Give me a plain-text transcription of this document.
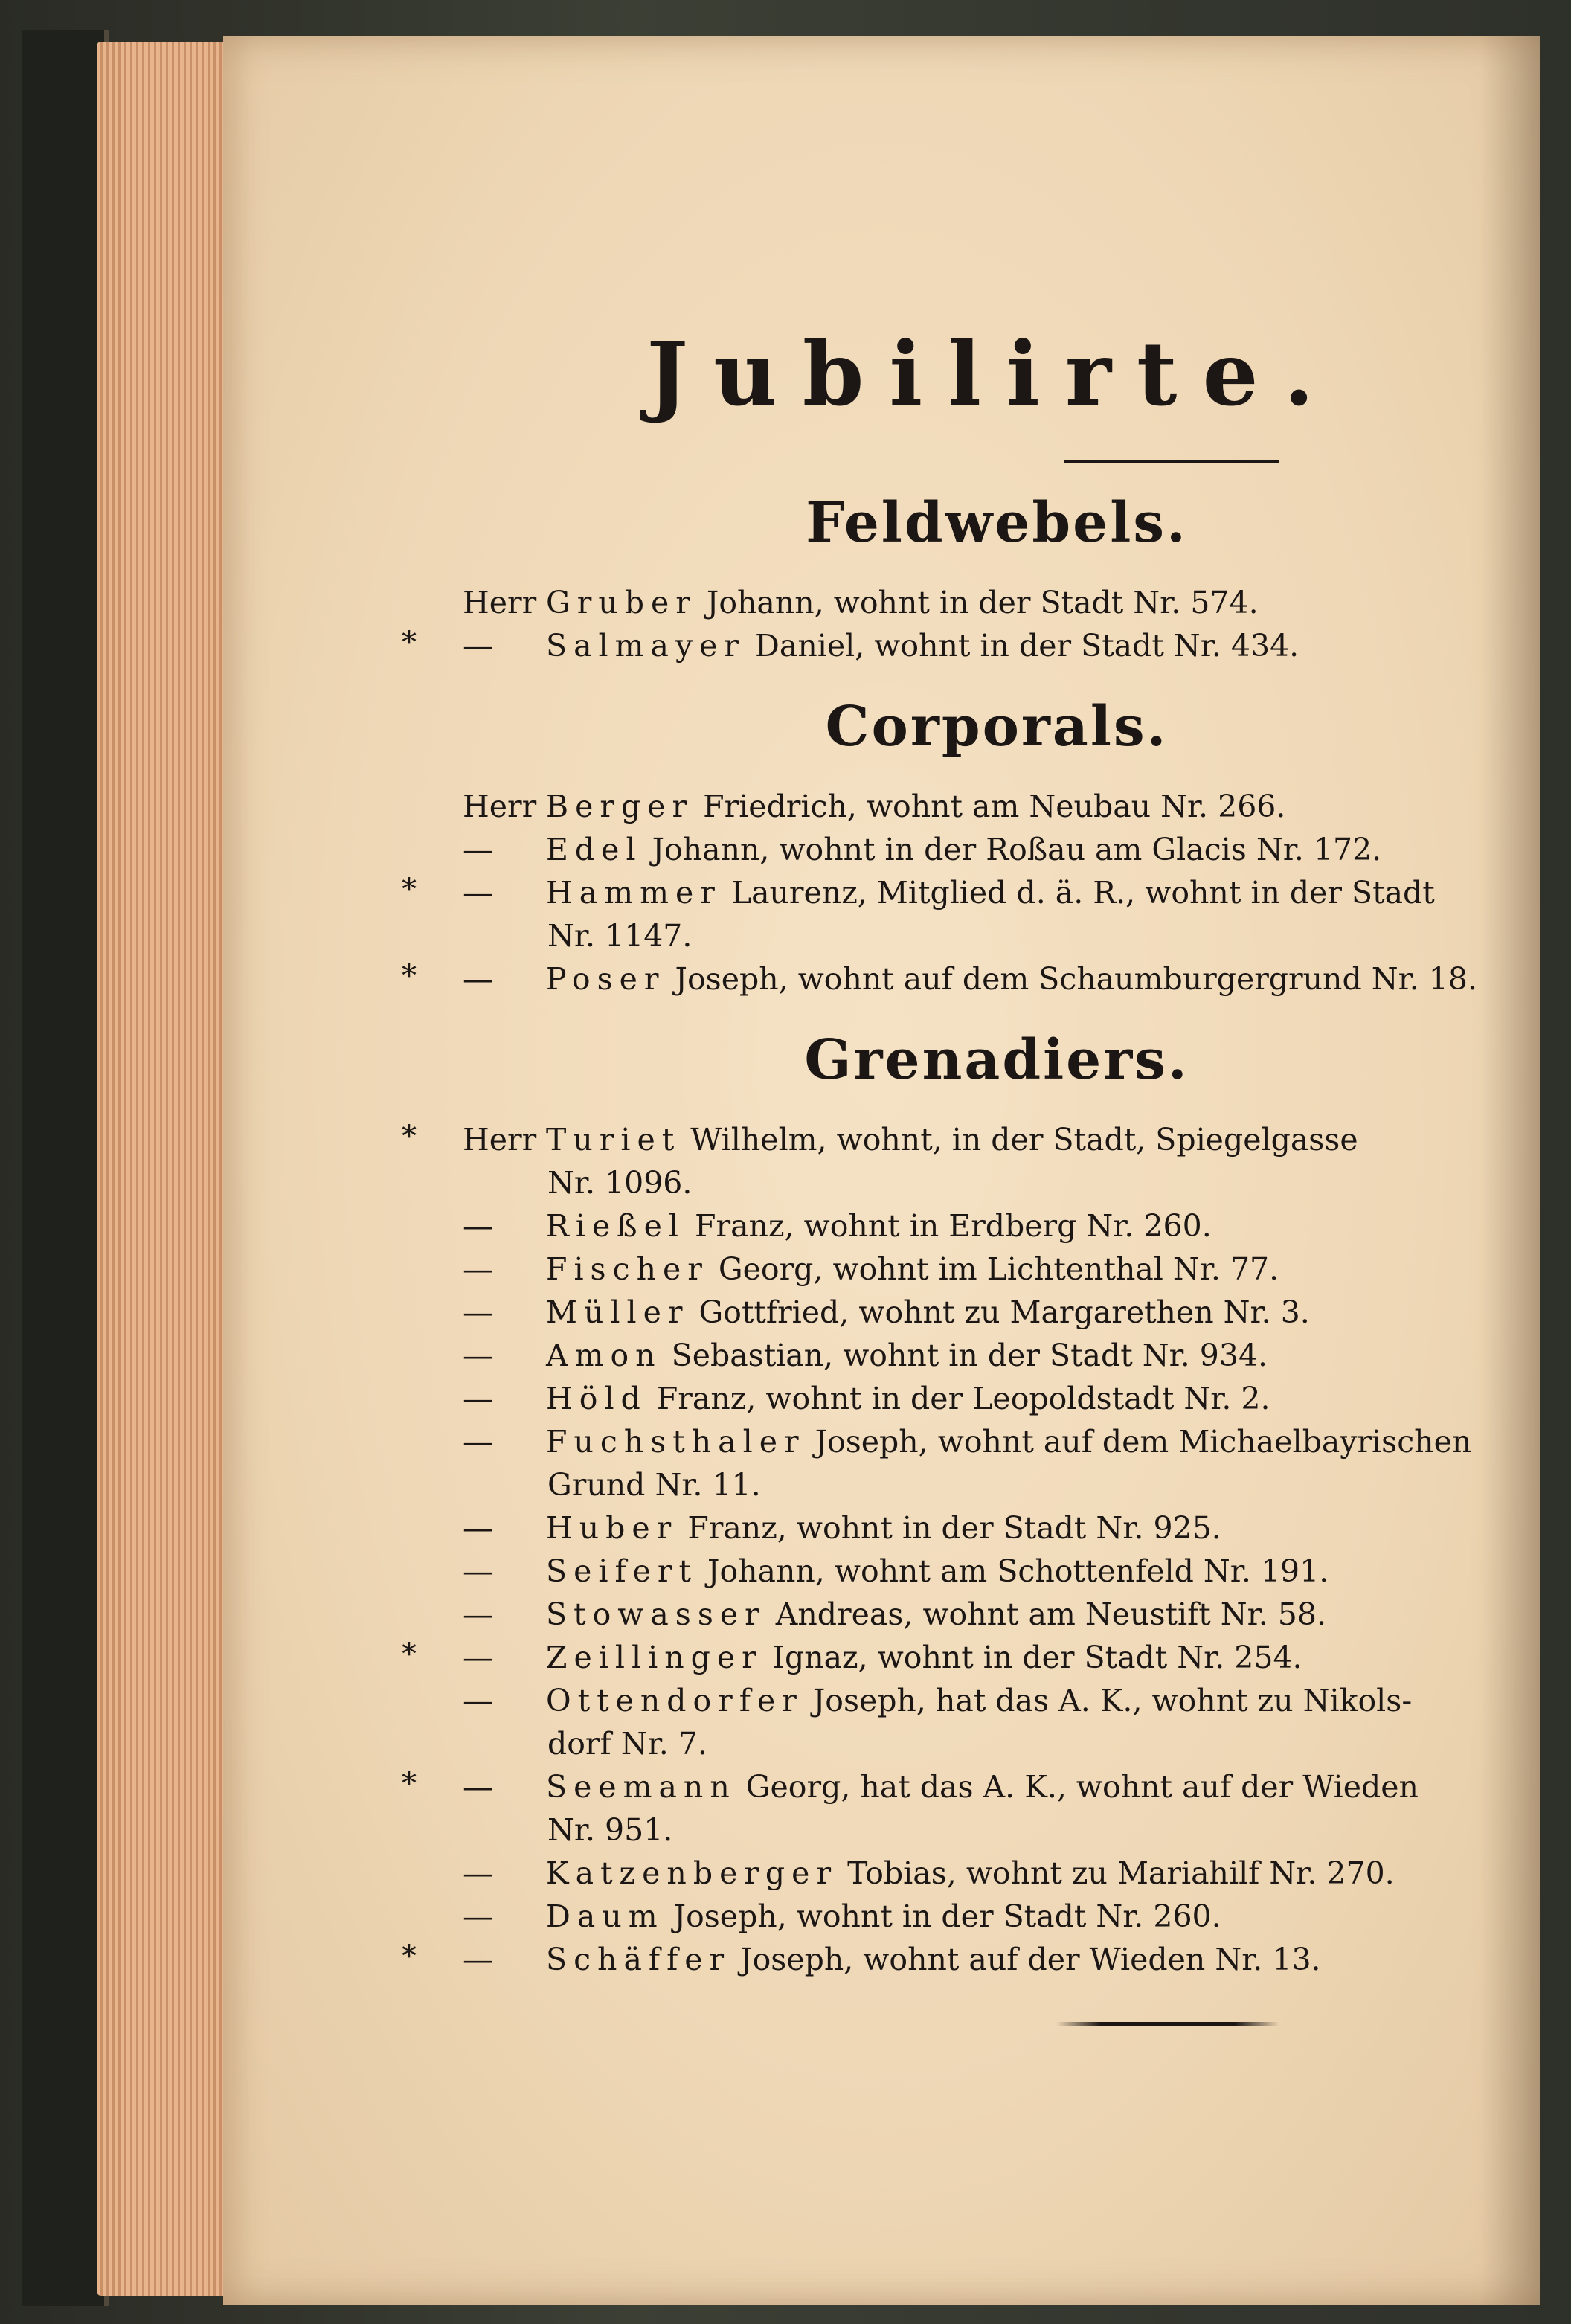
Jubilirte.
Feldwebels.
Herr Gruber Johann, wohnt in der Stadt Nr. 574.
* — Salmayer Daniel, wohnt in der Stadt Nr. 434.
Corporals.
Herr Berger Friedrich, wohnt am Neubau Nr. 266.
— Edel Johann, wohnt in der Roßau am Glacis Nr. 172.
* — Hammer Laurenz, Mitglied d. ä. R., wohnt in der Stadt
Nr. 1147.
* — Poser Joseph, wohnt auf dem Schaumburgergrund Nr. 18.
Grenadiers.
* Herr Turiet Wilhelm, wohnt, in der Stadt, Spiegelgasse
Nr. 1096.
— Rießel Franz, wohnt in Erdberg Nr. 260.
— Fischer Georg, wohnt im Lichtenthal Nr. 77.
— Müller Gottfried, wohnt zu Margarethen Nr. 3.
— Amon Sebastian, wohnt in der Stadt Nr. 934.
— Höld Franz, wohnt in der Leopoldstadt Nr. 2.
— Fuchsthaler Joseph, wohnt auf dem Michaelbayrischen
Grund Nr. 11.
— Huber Franz, wohnt in der Stadt Nr. 925.
— Seifert Johann, wohnt am Schottenfeld Nr. 191.
— Stowasser Andreas, wohnt am Neustift Nr. 58.
* — Zeillinger Ignaz, wohnt in der Stadt Nr. 254.
— Ottendorfer Joseph, hat das A. K., wohnt zu Nikols-
dorf Nr. 7.
* — Seemann Georg, hat das A. K., wohnt auf der Wieden
Nr. 951.
— Katzenberger Tobias, wohnt zu Mariahilf Nr. 270.
— Daum Joseph, wohnt in der Stadt Nr. 260.
* — Schäffer Joseph, wohnt auf der Wieden Nr. 13.
